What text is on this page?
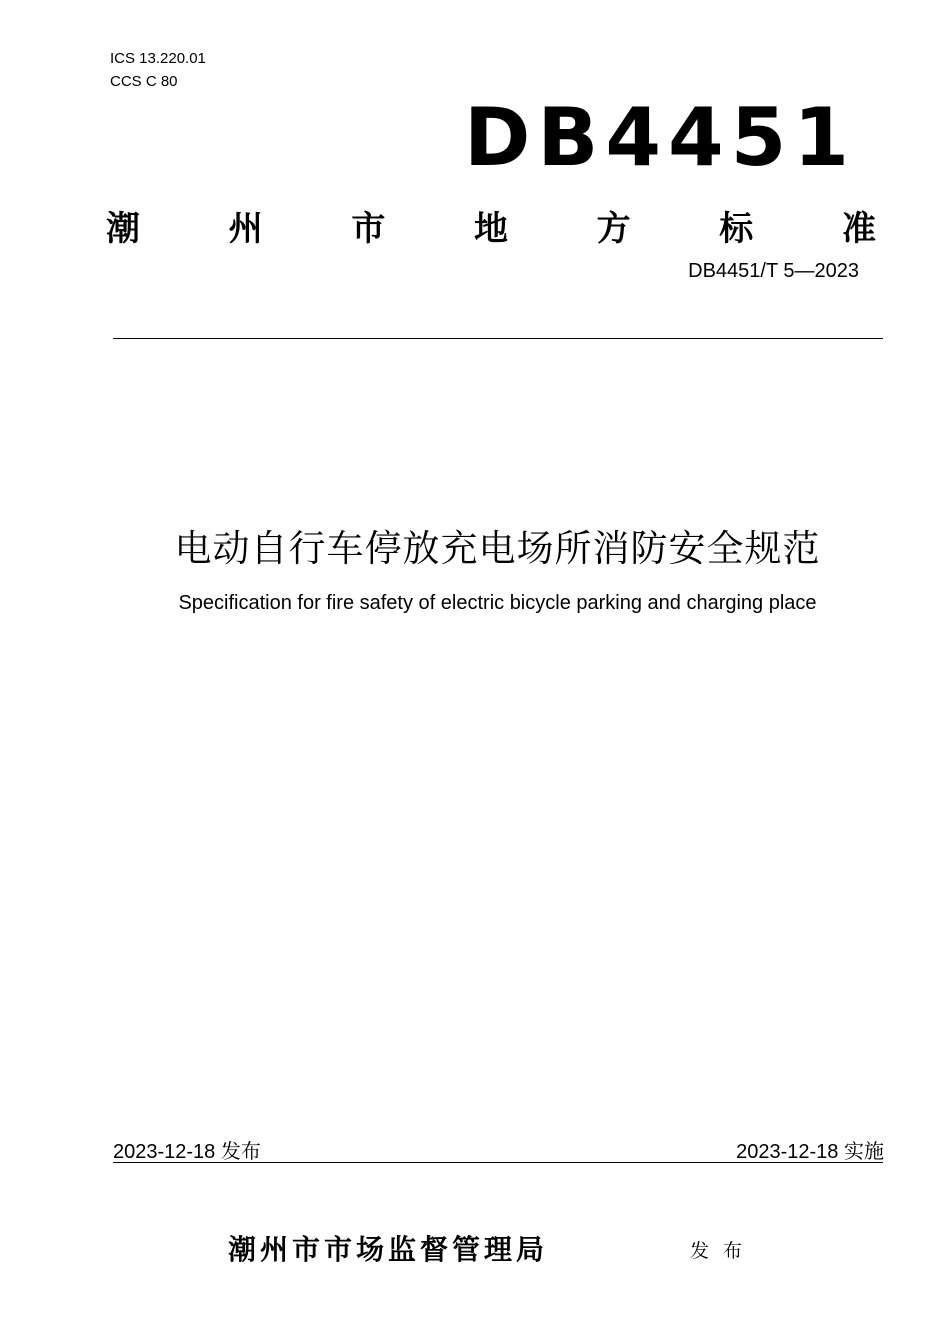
ICS 13.220.01
CCS C 80
DB4451
潮	州	市	地	方	标	准
DB4451/T 5—2023
电动自行车停放充电场所消防安全规范
Specification for fire safety of electric bicycle parking and charging place
2023-12-18 发布	2023-12-18 实施
潮州市市场监督管理局	发布
